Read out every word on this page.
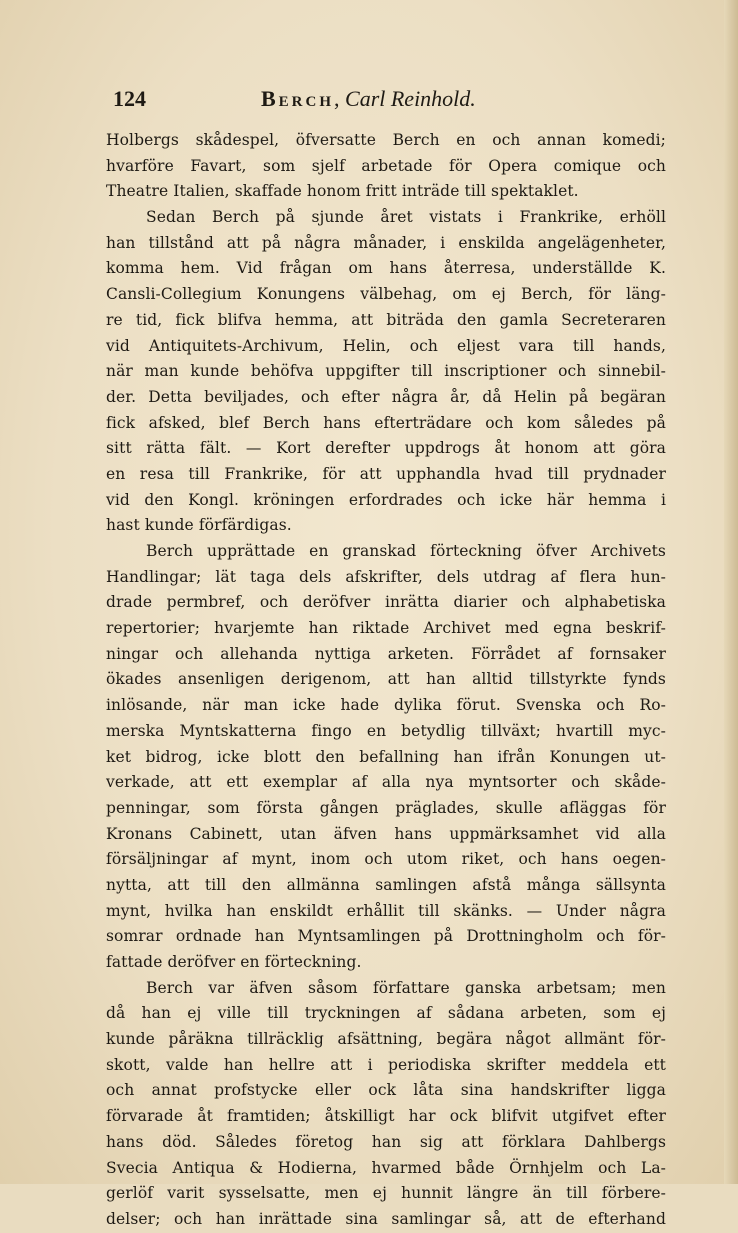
124	Berch, Carl Reinhold.
Holbergs skådespel, öfversatte Berch en och annan komedi;
hvarföre Favart, som sjelf arbetade för Opera comique och
Theatre Italien, skaffade honom fritt inträde till spektaklet.
Sedan Berch på sjunde året vistats i Frankrike, erhöll
han tillstånd att på några månader, i enskilda angelägenheter,
komma hem. Vid frågan om hans återresa, underställde K.
Cansli-Collegium Konungens välbehag, om ej Berch, för läng-
re tid, fick blifva hemma, att biträda den gamla Secreteraren
vid Antiquitets-Archivum, Helin, och eljest vara till hands,
när man kunde behöfva uppgifter till inscriptioner och sinnebil-
der. Detta beviljades, och efter några år, då Helin på begäran
fick afsked, blef Berch hans efterträdare och kom således på
sitt rätta fält. — Kort derefter uppdrogs åt honom att göra
en resa till Frankrike, för att upphandla hvad till prydnader
vid den Kongl. kröningen erfordrades och icke här hemma i
hast kunde förfärdigas.
Berch upprättade en granskad förteckning öfver Archivets
Handlingar; lät taga dels afskrifter, dels utdrag af flera hun-
drade permbref, och deröfver inrätta diarier och alphabetiska
repertorier; hvarjemte han riktade Archivet med egna beskrif-
ningar och allehanda nyttiga arketen. Förrådet af fornsaker
ökades ansenligen derigenom, att han alltid tillstyrkte fynds
inlösande, när man icke hade dylika förut. Svenska och Ro-
merska Myntskatterna fingo en betydlig tillväxt; hvartill myc-
ket bidrog, icke blott den befallning han ifrån Konungen ut-
verkade, att ett exemplar af alla nya myntsorter och skåde-
penningar, som första gången präglades, skulle afläggas för
Kronans Cabinett, utan äfven hans uppmärksamhet vid alla
försäljningar af mynt, inom och utom riket, och hans oegen-
nytta, att till den allmänna samlingen afstå många sällsynta
mynt, hvilka han enskildt erhållit till skänks. — Under några
somrar ordnade han Myntsamlingen på Drottningholm och för-
fattade deröfver en förteckning.
Berch var äfven såsom författare ganska arbetsam; men
då han ej ville till tryckningen af sådana arbeten, som ej
kunde påräkna tillräcklig afsättning, begära något allmänt för-
skott, valde han hellre att i periodiska skrifter meddela ett
och annat profstycke eller ock låta sina handskrifter ligga
förvarade åt framtiden; åtskilligt har ock blifvit utgifvet efter
hans död. Således företog han sig att förklara Dahlbergs
Svecia Antiqua & Hodierna, hvarmed både Örnhjelm och La-
gerlöf varit sysselsatte, men ej hunnit längre än till förbere-
delser; och han inrättade sina samlingar så, att de efterhand
